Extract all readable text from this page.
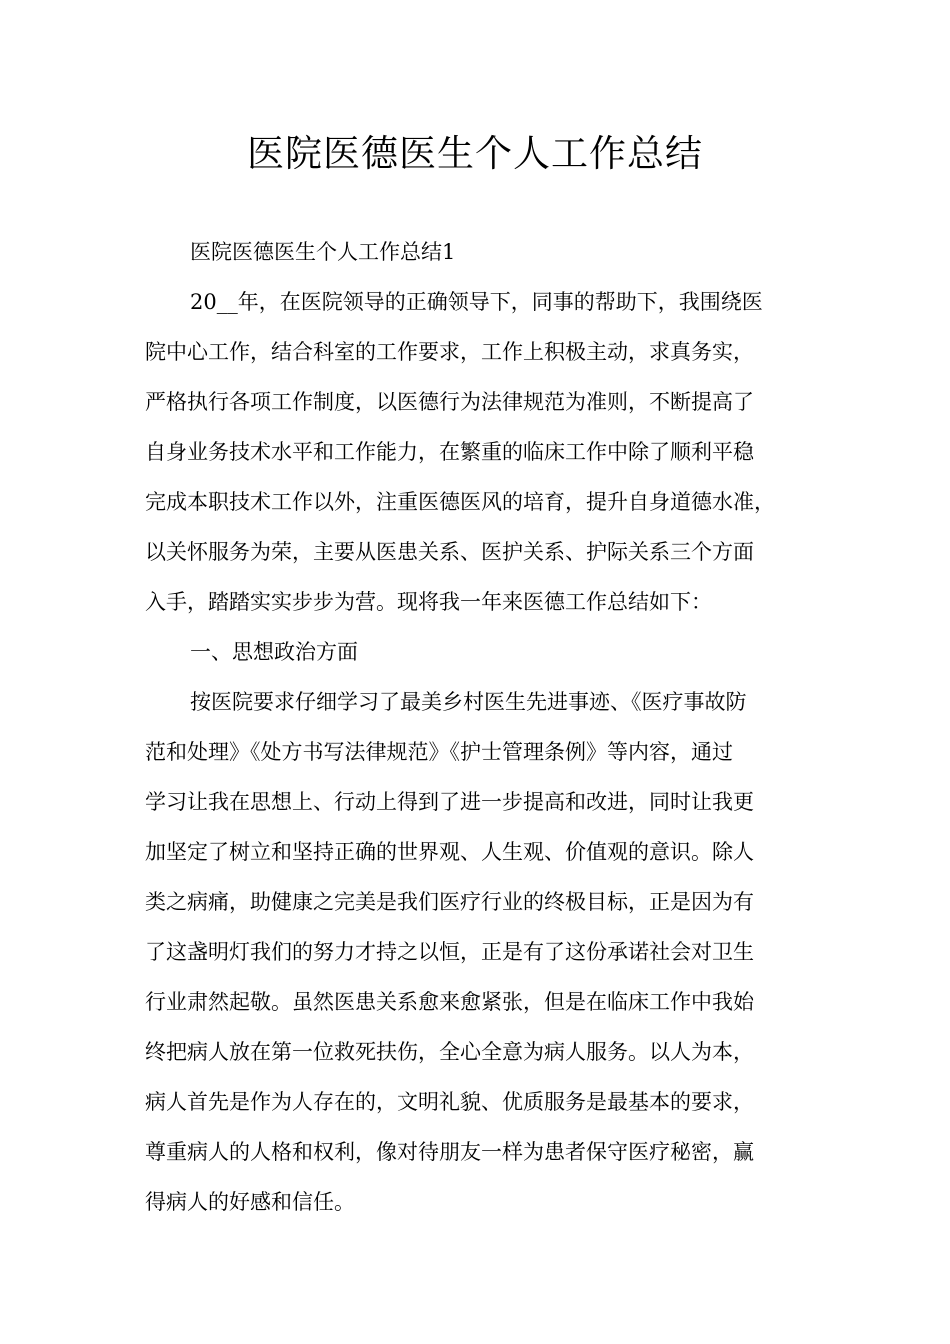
医院医德医生个人工作总结
医院医德医生个人工作总结1
20__年，在医院领导的正确领导下，同事的帮助下，我围绕医
院中心工作，结合科室的工作要求，工作上积极主动，求真务实，
严格执行各项工作制度，以医德行为法律规范为准则，不断提高了
自身业务技术水平和工作能力，在繁重的临床工作中除了顺利平稳
完成本职技术工作以外，注重医德医风的培育，提升自身道德水准，
以关怀服务为荣，主要从医患关系、医护关系、护际关系三个方面
入手，踏踏实实步步为营。现将我一年来医德工作总结如下：
一、思想政治方面
按医院要求仔细学习了最美乡村医生先进事迹、《医疗事故防
范和处理》《处方书写法律规范》《护士管理条例》等内容，通过
学习让我在思想上、行动上得到了进一步提高和改进，同时让我更
加坚定了树立和坚持正确的世界观、人生观、价值观的意识。除人
类之病痛，助健康之完美是我们医疗行业的终极目标，正是因为有
了这盏明灯我们的努力才持之以恒，正是有了这份承诺社会对卫生
行业肃然起敬。虽然医患关系愈来愈紧张，但是在临床工作中我始
终把病人放在第一位救死扶伤，全心全意为病人服务。以人为本，
病人首先是作为人存在的，文明礼貌、优质服务是最基本的要求，
尊重病人的人格和权利，像对待朋友一样为患者保守医疗秘密，赢
得病人的好感和信任。
